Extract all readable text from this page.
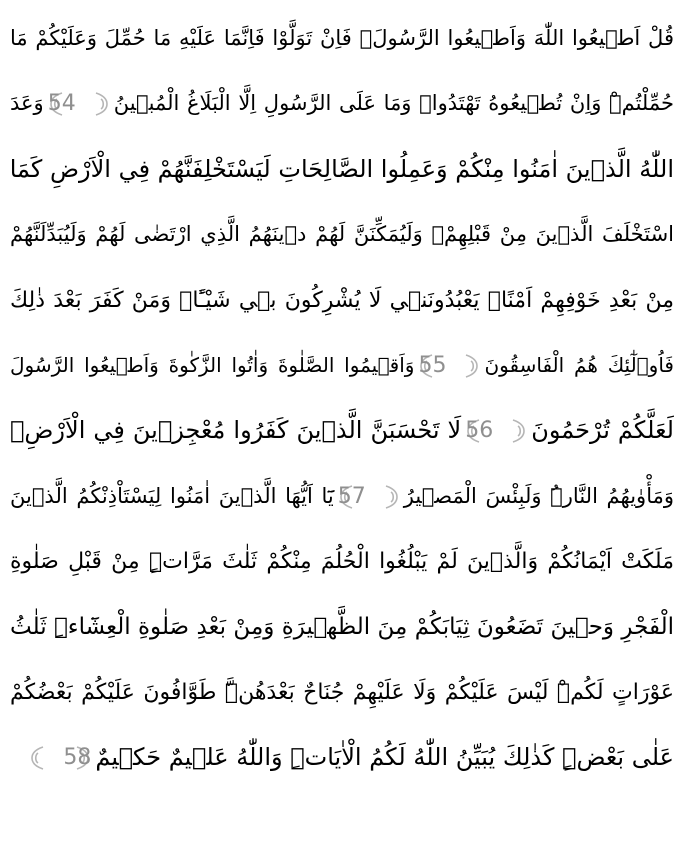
قُلْ اَط۪يعُوا اللّٰهَ وَاَط۪يعُوا الرَّسُولَۚ فَاِنْ تَوَلَّوْا فَاِنَّمَا عَلَيْهِ مَا حُمِّلَ وَعَلَيْكُمْ مَا
حُمِّلْتُمْۜ وَاِنْ تُط۪يعُوهُ تَهْتَدُواۜ وَمَا عَلَى الرَّسُولِ اِلَّا الْبَلَاغُ الْمُب۪ينُ
54
وَعَدَ
اللّٰهُ الَّذ۪ينَ اٰمَنُوا مِنْكُمْ وَعَمِلُوا الصَّالِحَاتِ لَيَسْتَخْلِفَنَّهُمْ فِي الْاَرْضِ كَمَا
اسْتَخْلَفَ الَّذ۪ينَ مِنْ قَبْلِهِمْۖ وَلَيُمَكِّنَنَّ لَهُمْ د۪ينَهُمُ الَّذِي ارْتَضٰى لَهُمْ وَلَيُبَدِّلَنَّهُمْ
مِنْ بَعْدِ خَوْفِهِمْ اَمْنًاۜ يَعْبُدُونَن۪ي لَا يُشْرِكُونَ ب۪ي شَيْـًٔاۜ وَمَنْ كَفَرَ بَعْدَ ذٰلِكَ
فَاُو۬لٰٓئِكَ هُمُ الْفَاسِقُونَ
55
وَاَق۪يمُوا الصَّلٰوةَ وَاٰتُوا الزَّكٰوةَ وَاَط۪يعُوا الرَّسُولَ
لَعَلَّكُمْ تُرْحَمُونَ
56
لَا تَحْسَبَنَّ الَّذ۪ينَ كَفَرُوا مُعْجِز۪ينَ فِي الْاَرْضِۚ
وَمَأْوٰيهُمُ النَّارُۜ وَلَبِئْسَ الْمَص۪يرُ
57
يَٓا اَيُّهَا الَّذ۪ينَ اٰمَنُوا لِيَسْتَاْذِنْكُمُ الَّذ۪ينَ
مَلَكَتْ اَيْمَانُكُمْ وَالَّذ۪ينَ لَمْ يَبْلُغُوا الْحُلُمَ مِنْكُمْ ثَلٰثَ مَرَّاتٍۜ مِنْ قَبْلِ صَلٰوةِ
الْفَجْرِ وَح۪ينَ تَضَعُونَ ثِيَابَكُمْ مِنَ الظَّه۪يرَةِ وَمِنْ بَعْدِ صَلٰوةِ الْعِشَٓاءِۜ ثَلٰثُ
عَوْرَاتٍ لَكُمْۜ لَيْسَ عَلَيْكُمْ وَلَا عَلَيْهِمْ جُنَاحٌ بَعْدَهُنَّۜ طَوَّافُونَ عَلَيْكُمْ بَعْضُكُمْ
عَلٰى بَعْضٍۜ كَذٰلِكَ يُبَيِّنُ اللّٰهُ لَكُمُ الْاٰيَاتِۜ وَاللّٰهُ عَل۪يمٌ حَك۪يمٌ
58
